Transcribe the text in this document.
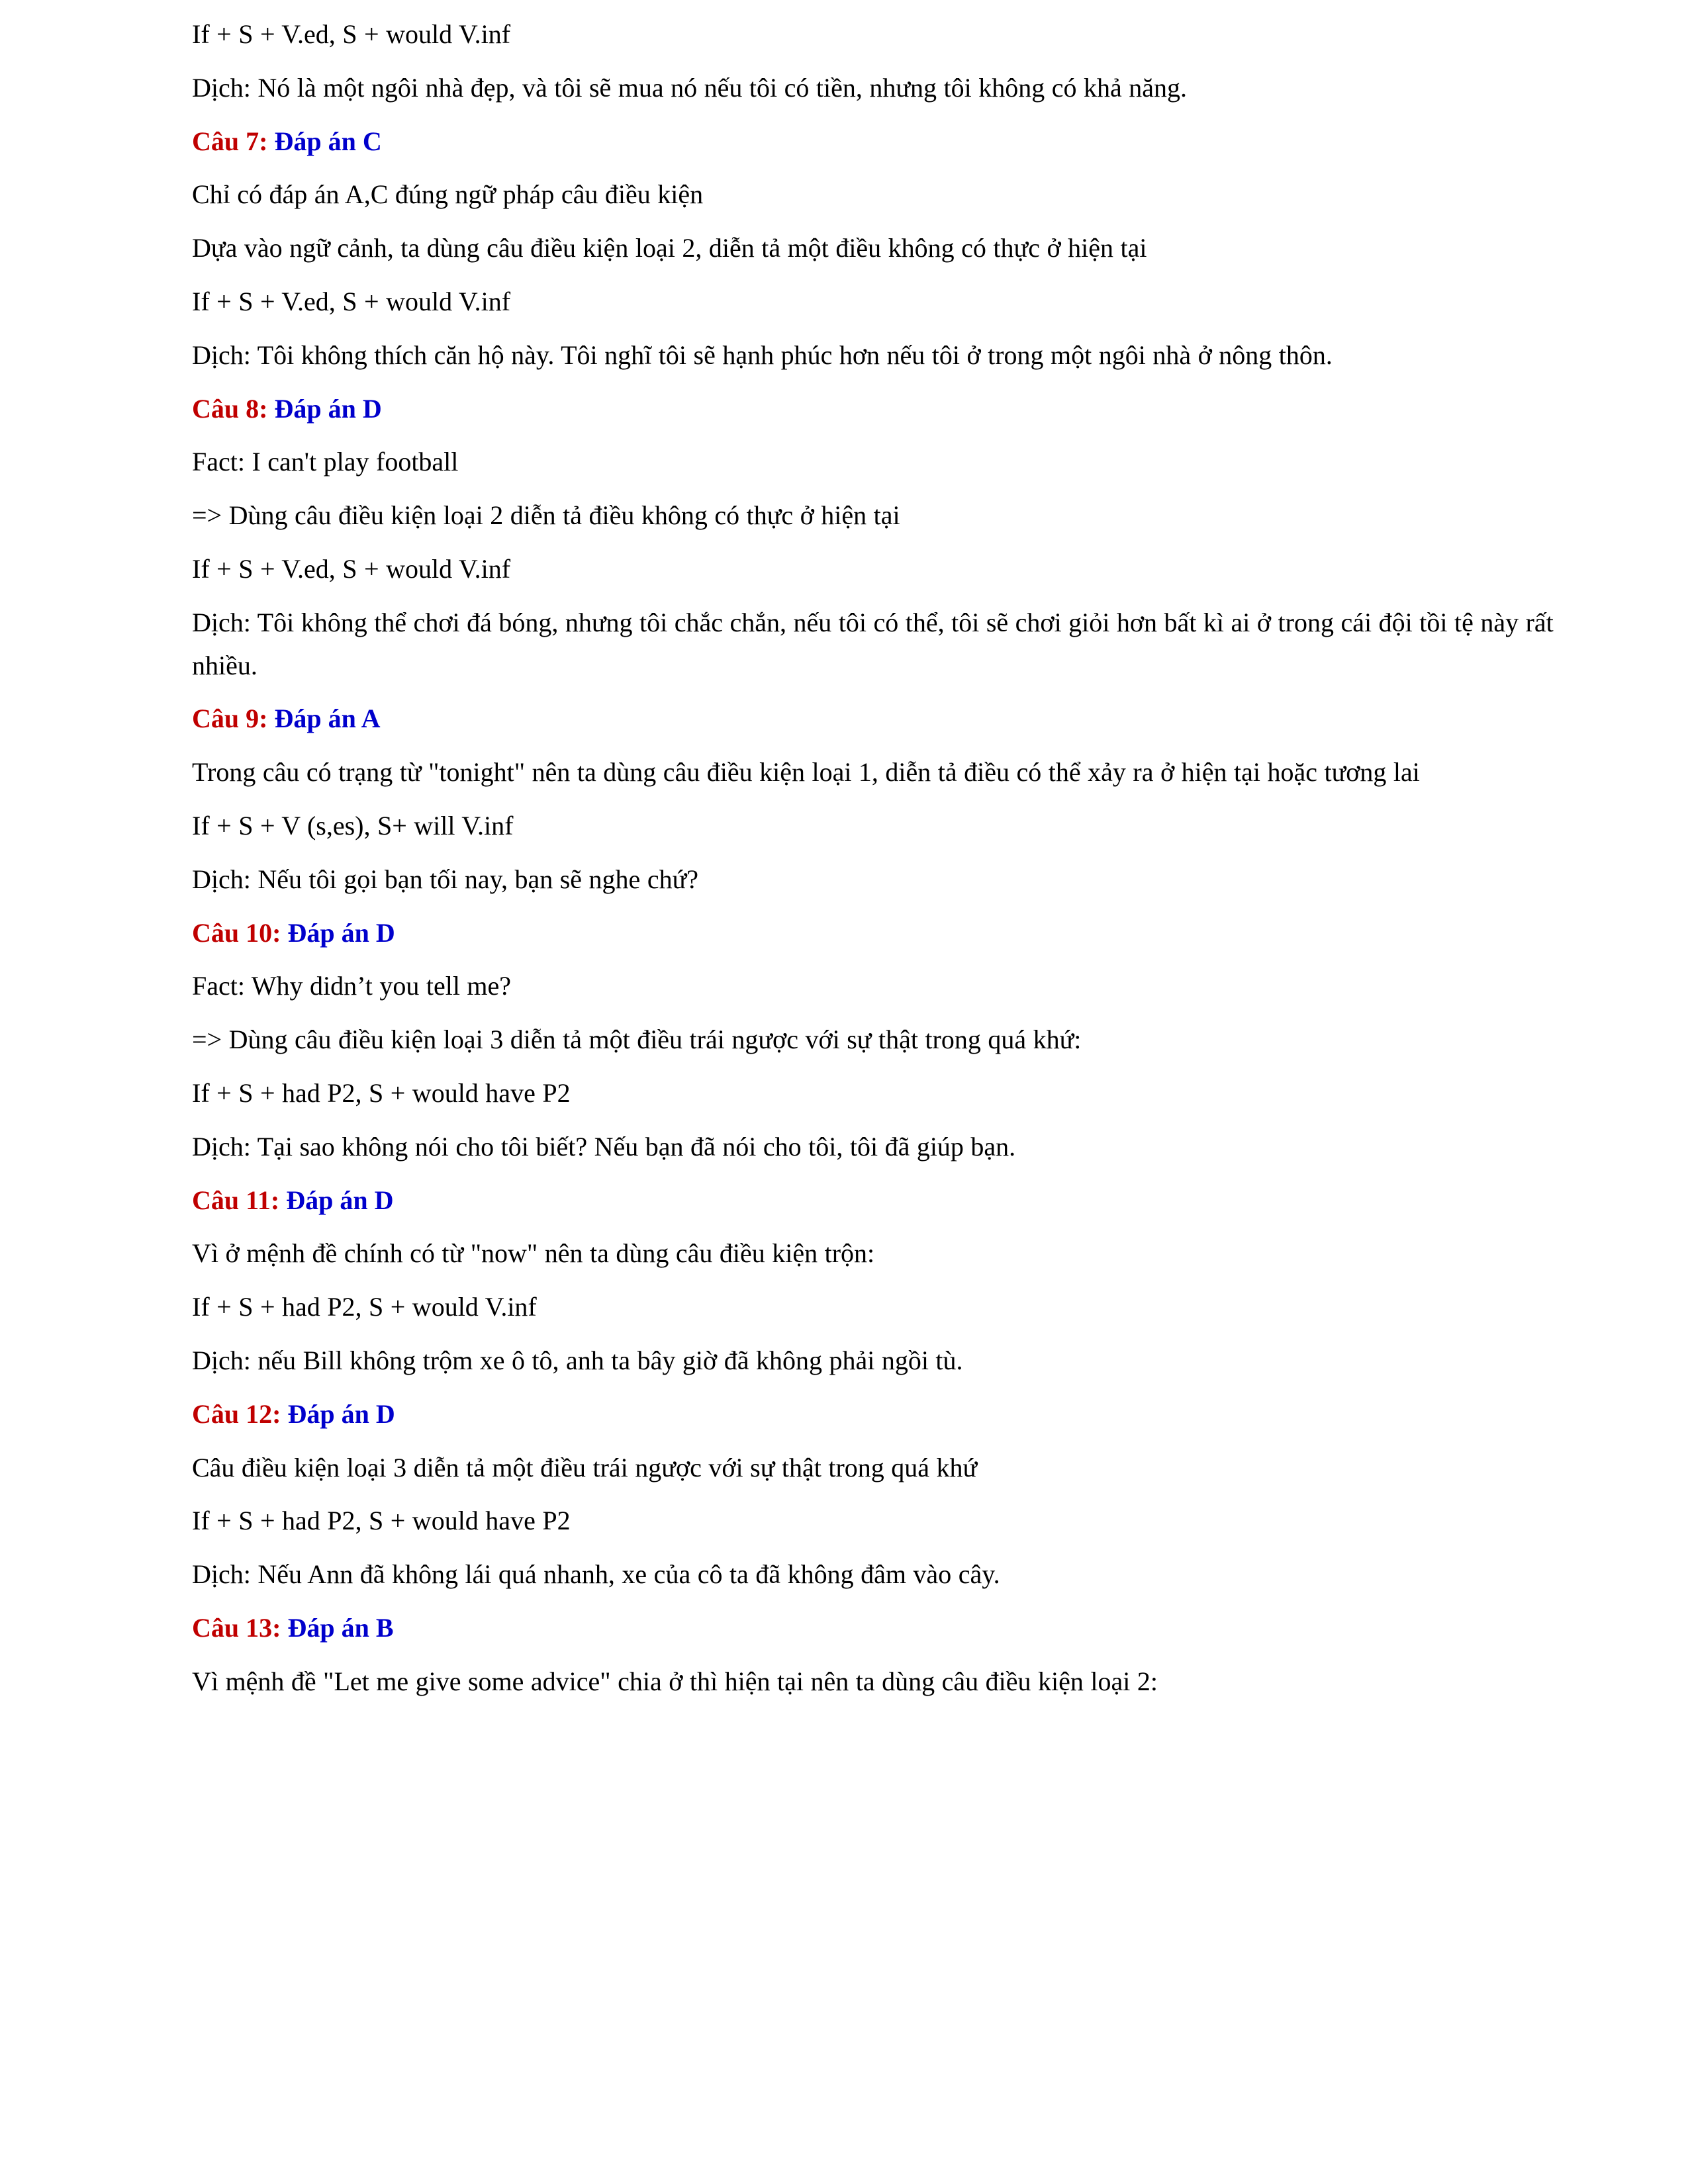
If + S + V.ed, S + would V.inf

Dịch: Nó là một ngôi nhà đẹp, và tôi sẽ mua nó nếu tôi có tiền, nhưng tôi không có khả năng.

Câu 7: Đáp án C

Chỉ có đáp án A,C đúng ngữ pháp câu điều kiện

Dựa vào ngữ cảnh, ta dùng câu điều kiện loại 2, diễn tả một điều không có thực ở hiện tại

If + S + V.ed, S + would V.inf

Dịch: Tôi không thích căn hộ này. Tôi nghĩ tôi sẽ hạnh phúc hơn nếu tôi ở trong một ngôi nhà ở nông thôn.

Câu 8: Đáp án D

Fact: I can't play football

=> Dùng câu điều kiện loại 2 diễn tả điều không có thực ở hiện tại

If + S + V.ed, S + would V.inf

Dịch: Tôi không thể chơi đá bóng, nhưng tôi chắc chắn, nếu tôi có thể, tôi sẽ chơi giỏi hơn bất kì ai ở trong cái đội tồi tệ này rất nhiều.

Câu 9: Đáp án A

Trong câu có trạng từ "tonight" nên ta dùng câu điều kiện loại 1, diễn tả điều có thể xảy ra ở hiện tại hoặc tương lai

If + S + V (s,es), S+ will V.inf

Dịch: Nếu tôi gọi bạn tối nay, bạn sẽ nghe chứ?

Câu 10: Đáp án D

Fact: Why didn’t you tell me?

=> Dùng câu điều kiện loại 3 diễn tả một điều trái ngược với sự thật trong quá khứ:

If + S + had P2, S + would have P2

Dịch: Tại sao không nói cho tôi biết? Nếu bạn đã nói cho tôi, tôi đã giúp bạn.

Câu 11: Đáp án D

Vì ở mệnh đề chính có từ "now" nên ta dùng câu điều kiện trộn:

If + S + had P2, S + would V.inf

Dịch: nếu Bill không trộm xe ô tô, anh ta bây giờ đã không phải ngồi tù.

Câu 12: Đáp án D

Câu điều kiện loại 3 diễn tả một điều trái ngược với sự thật trong quá khứ

If + S + had P2, S + would have P2

Dịch: Nếu Ann đã không lái quá nhanh, xe của cô ta đã không đâm vào cây.

Câu 13: Đáp án B

Vì mệnh đề "Let me give some advice" chia ở thì hiện tại nên ta dùng câu điều kiện loại 2:
